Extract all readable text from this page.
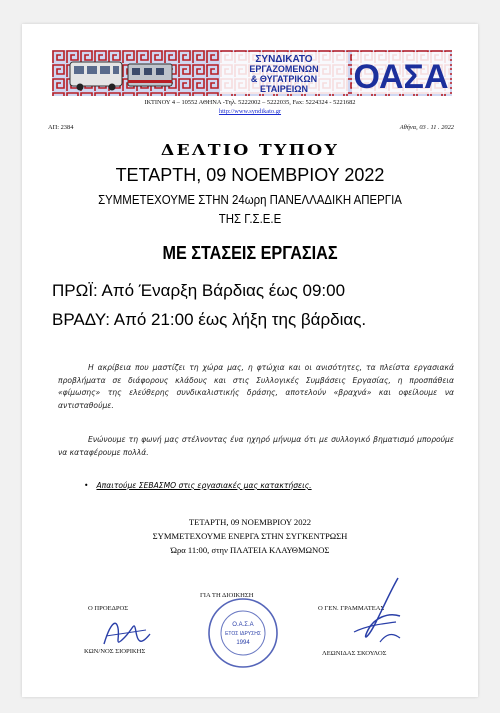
ΣΥΝΔΙΚΑΤΟ
ΕΡΓΑΖΟΜΕΝΩΝ
& ΘΥΓΑΤΡΙΚΩΝ
ΕΤΑΙΡΕΙΩΝ ΟΑΣΑ
ΙΚΤΙΝΟΥ 4 – 10552 ΑΘΗΝΑ -Τηλ. 5222002 – 5222035, Fax: 5224324 - 5221682
http://www.syndikato.gr
ΑΠ: 2384	Αθήνα, 03 . 11 . 2022
ΔΕΛΤΙΟ ΤΥΠΟΥ
ΤΕΤΑΡΤΗ, 09 ΝΟΕΜΒΡΙΟΥ 2022
ΣΥΜΜΕΤΕΧΟΥΜΕ ΣΤΗΝ 24ωρη ΠΑΝΕΛΛΑΔΙΚΗ ΑΠΕΡΓΙΑ
ΤΗΣ Γ.Σ.Ε.Ε
ΜΕ ΣΤΑΣΕΙΣ ΕΡΓΑΣΙΑΣ
ΠΡΩΪ: Από Έναρξη Βάρδιας έως 09:00
ΒΡΑΔΥ: Από 21:00 έως λήξη της βάρδιας.
Η ακρίβεια που μαστίζει τη χώρα μας, η φτώχια και οι ανισότητες, τα πλείστα εργασιακά προβλήματα σε διάφορους κλάδους και στις Συλλογικές Συμβάσεις Εργασίας, η προσπάθεια «φίμωσης» της ελεύθερης συνδικαλιστικής δράσης, αποτελούν «βραχνά» και οφείλουμε να αντισταθούμε.
Ενώνουμε τη φωνή μας στέλνοντας ένα ηχηρό μήνυμα ότι με συλλογικό βηματισμό μπορούμε να καταφέρουμε πολλά.
• Απαιτούμε ΣΕΒΑΣΜΟ στις εργασιακές μας κατακτήσεις.
ΤΕΤΑΡΤΗ, 09 ΝΟΕΜΒΡΙΟΥ 2022
ΣΥΜΜΕΤΕΧΟΥΜΕ ΕΝΕΡΓΑ ΣΤΗΝ ΣΥΓΚΕΝΤΡΩΣΗ
Ώρα 11:00, στην ΠΛΑΤΕΙΑ ΚΛΑΥΘΜΩΝΟΣ
ΓΙΑ ΤΗ ΔΙΟΙΚΗΣΗ
Ο.Α.Σ.Α
ΕΤΟΣ ΙΔΡΥΣΗΣ
1994
Ο ΠΡΟΕΔΡΟΣ
ΚΩΝ/ΝΟΣ ΣΙΟΡΙΚΗΣ
Ο ΓΕΝ. ΓΡΑΜΜΑΤΕΑΣ
ΛΕΩΝΙΔΑΣ ΣΚΟΥΛΟΣ
